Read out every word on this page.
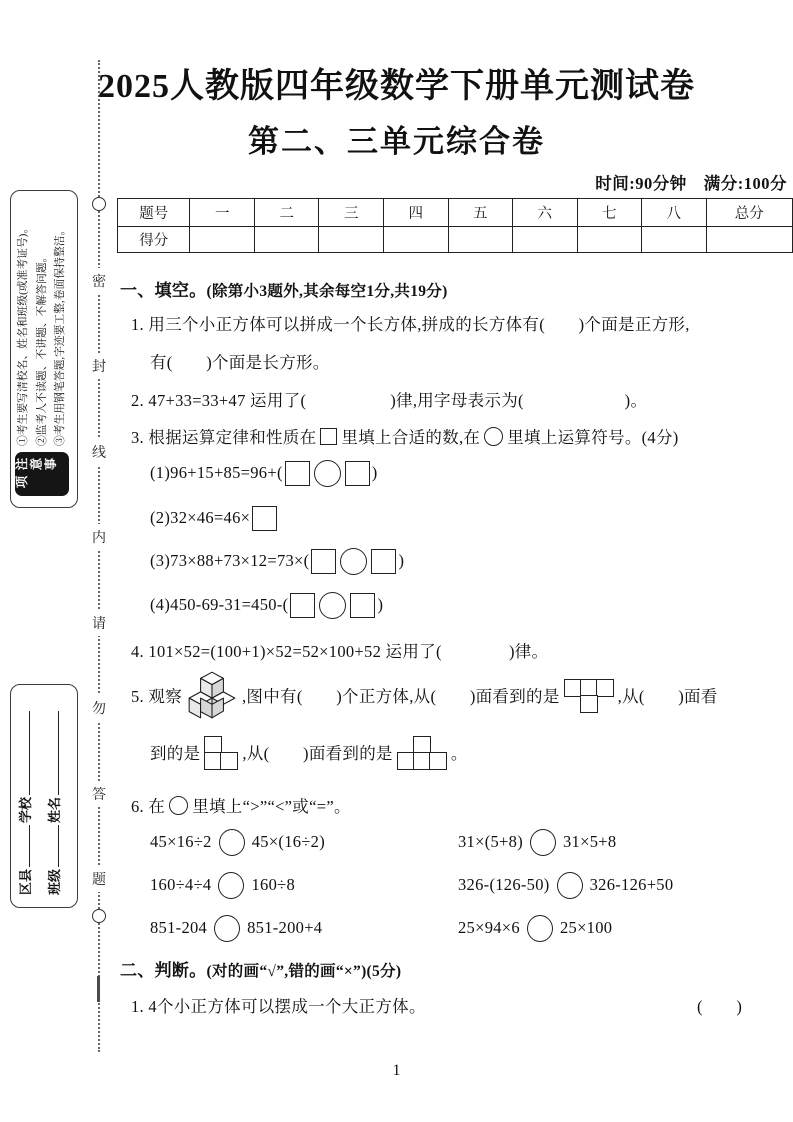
密
封
线
内
请
勿
答
题
注意事项
①考生要写清校名、姓名和班级(或准考证号)。 ②监考人不读题、不讲题、不解答问题。 ③考生用钢笔答题,字迹要工整,卷面保持整洁。
区县学校
班级姓名
2025人教版四年级数学下册单元测试卷
第二、三单元综合卷
时间:90分钟　满分:100分
题号	一	二	三	四	五	六	七	八	总分
得分									
一、填空。(除第小3题外,其余每空1分,共19分)
1. 用三个小正方体可以拼成一个长方体,拼成的长方体有(　　)个面是正方形,
有(　　)个面是长方形。
2. 47+33=33+47 运用了(　　　　　)律,用字母表示为(　　　　　　)。
3. 根据运算定律和性质在 里填上合适的数,在 里填上运算符号。(4分)
(1)96+15+85=96+(	)
(2)32×46=46×
(3)73×88+73×12=73×(	)
(4)450-69-31=450-(	)
4. 101×52=(100+1)×52=52×100+52 运用了(　　　　)律。
5. 观察	,图中有(　　)个正方体,从(　　)面看到的是	,从(　　)面看
到的是	,从(　　)面看到的是	。
6. 在 里填上“>”“<”或“=”。
45×16÷2 45×(16÷2)	31×(5+8) 31×5+8
160÷4÷4 160÷8	326-(126-50) 326-126+50
851-204 851-200+4	25×94×6 25×100
二、判断。(对的画“√”,错的画“×”)(5分)
1. 4个小正方体可以摆成一个大正方体。	(　　)
1
